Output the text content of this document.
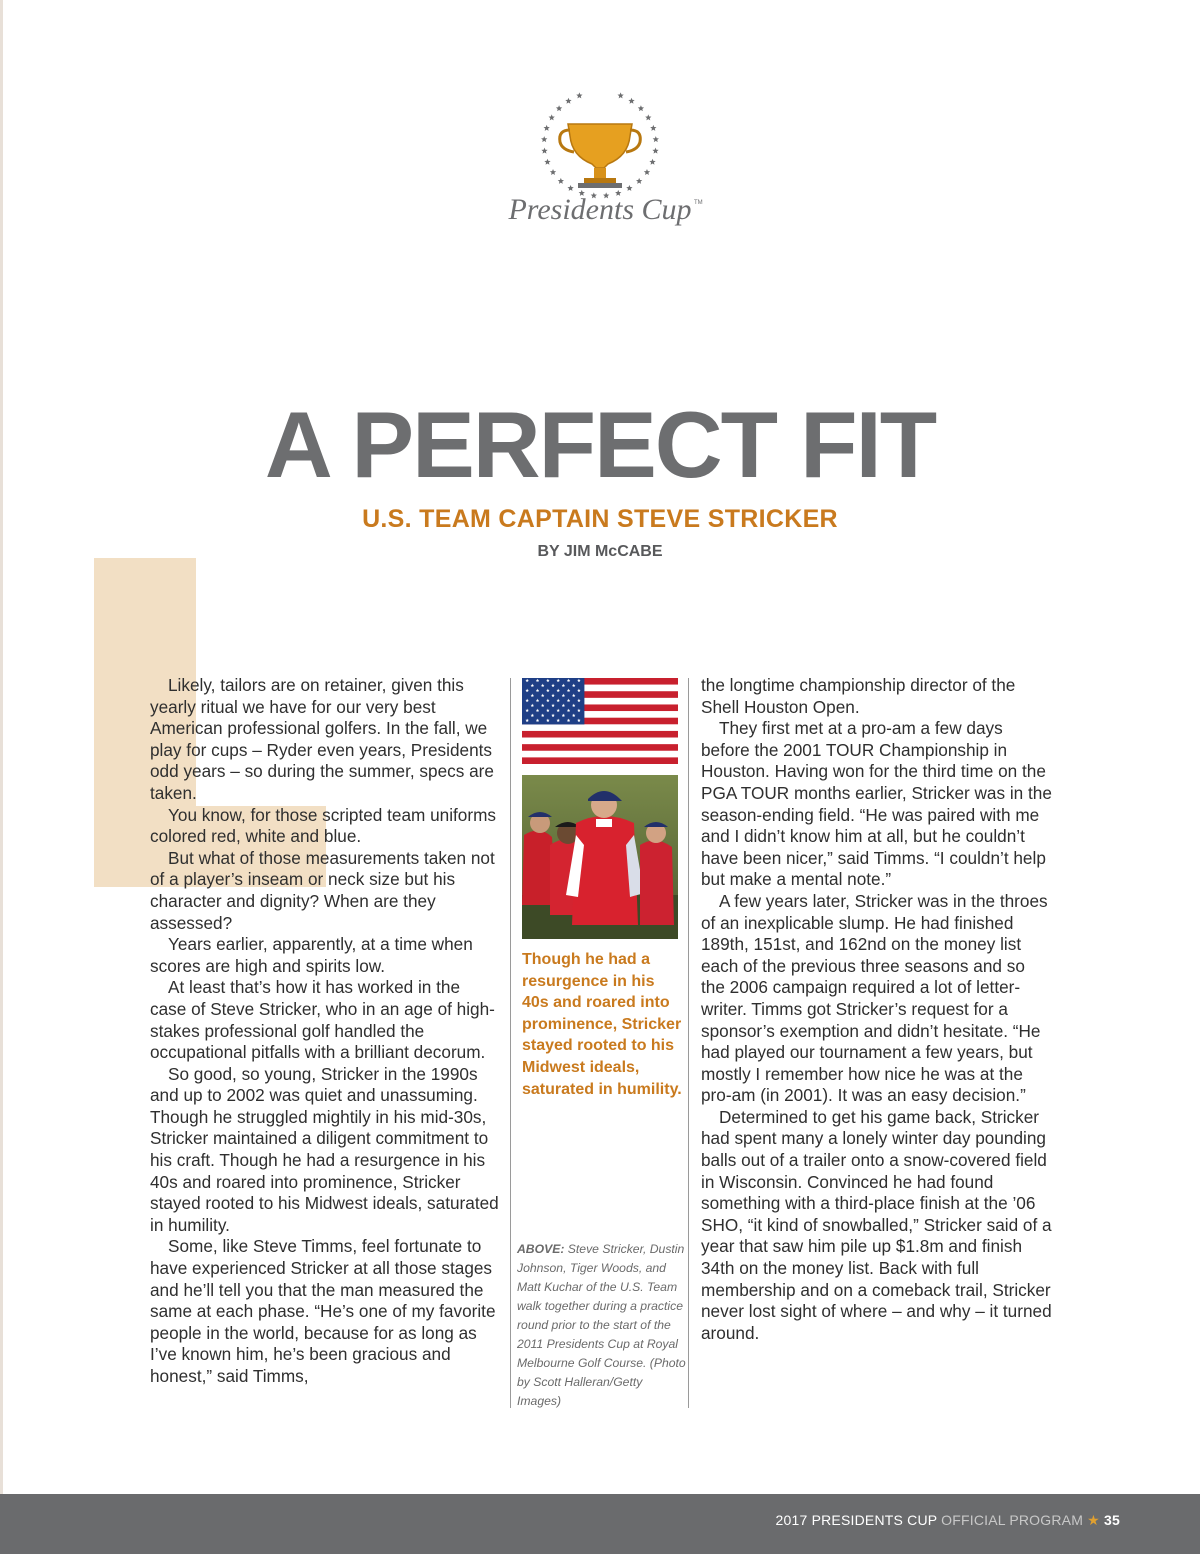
Presidents Cup TM
A PERFECT FIT
U.S. TEAM CAPTAIN STEVE STRICKER
BY JIM McCABE

Likely, tailors are on retainer, given this yearly ritual we have for our very best American professional golfers. In the fall, we play for cups – Ryder even years, Presidents odd years – so during the summer, specs are taken.

You know, for those scripted team uniforms colored red, white and blue.

But what of those measurements taken not of a player’s inseam or neck size but his character and dignity? When are they assessed?

Years earlier, apparently, at a time when scores are high and spirits low.

At least that’s how it has worked in the case of Steve Stricker, who in an age of high-stakes professional golf handled the occupational pitfalls with a brilliant decorum.

So good, so young, Stricker in the 1990s and up to 2002 was quiet and unassuming. Though he struggled mightily in his mid-30s, Stricker maintained a diligent commitment to his craft. Though he had a resurgence in his 40s and roared into prominence, Stricker stayed rooted to his Midwest ideals, saturated in humility.

Some, like Steve Timms, feel fortunate to have experienced Stricker at all those stages and he’ll tell you that the man measured the same at each phase. “He’s one of my favorite people in the world, because for as long as I’ve known him, he’s been gracious and honest,” said Timms,

Though he had a resurgence in his 40s and roared into prominence, Stricker stayed rooted to his Midwest ideals, saturated in humility.
ABOVE: Steve Stricker, Dustin Johnson, Tiger Woods, and Matt Kuchar of the U.S. Team walk together during a practice round prior to the start of the 2011 Presidents Cup at Royal Melbourne Golf Course. (Photo by Scott Halleran/Getty Images)

the longtime championship director of the Shell Houston Open.

They first met at a pro-am a few days before the 2001 TOUR Championship in Houston. Having won for the third time on the PGA TOUR months earlier, Stricker was in the season-ending field. “He was paired with me and I didn’t know him at all, but he couldn’t have been nicer,” said Timms. “I couldn’t help but make a mental note.”

A few years later, Stricker was in the throes of an inexplicable slump. He had finished 189th, 151st, and 162nd on the money list each of the previous three seasons and so the 2006 campaign required a lot of letter-writer. Timms got Stricker’s request for a sponsor’s exemption and didn’t hesitate. “He had played our tournament a few years, but mostly I remember how nice he was at the pro-am (in 2001). It was an easy decision.”

Determined to get his game back, Stricker had spent many a lonely winter day pounding balls out of a trailer onto a snow-covered field in Wisconsin. Convinced he had found something with a third-place finish at the ’06 SHO, “it kind of snowballed,” Stricker said of a year that saw him pile up $1.8m and finish 34th on the money list. Back with full membership and on a comeback trail, Stricker never lost sight of where – and why – it turned around.

2017 PRESIDENTS CUP OFFICIAL PROGRAM ★ 35
